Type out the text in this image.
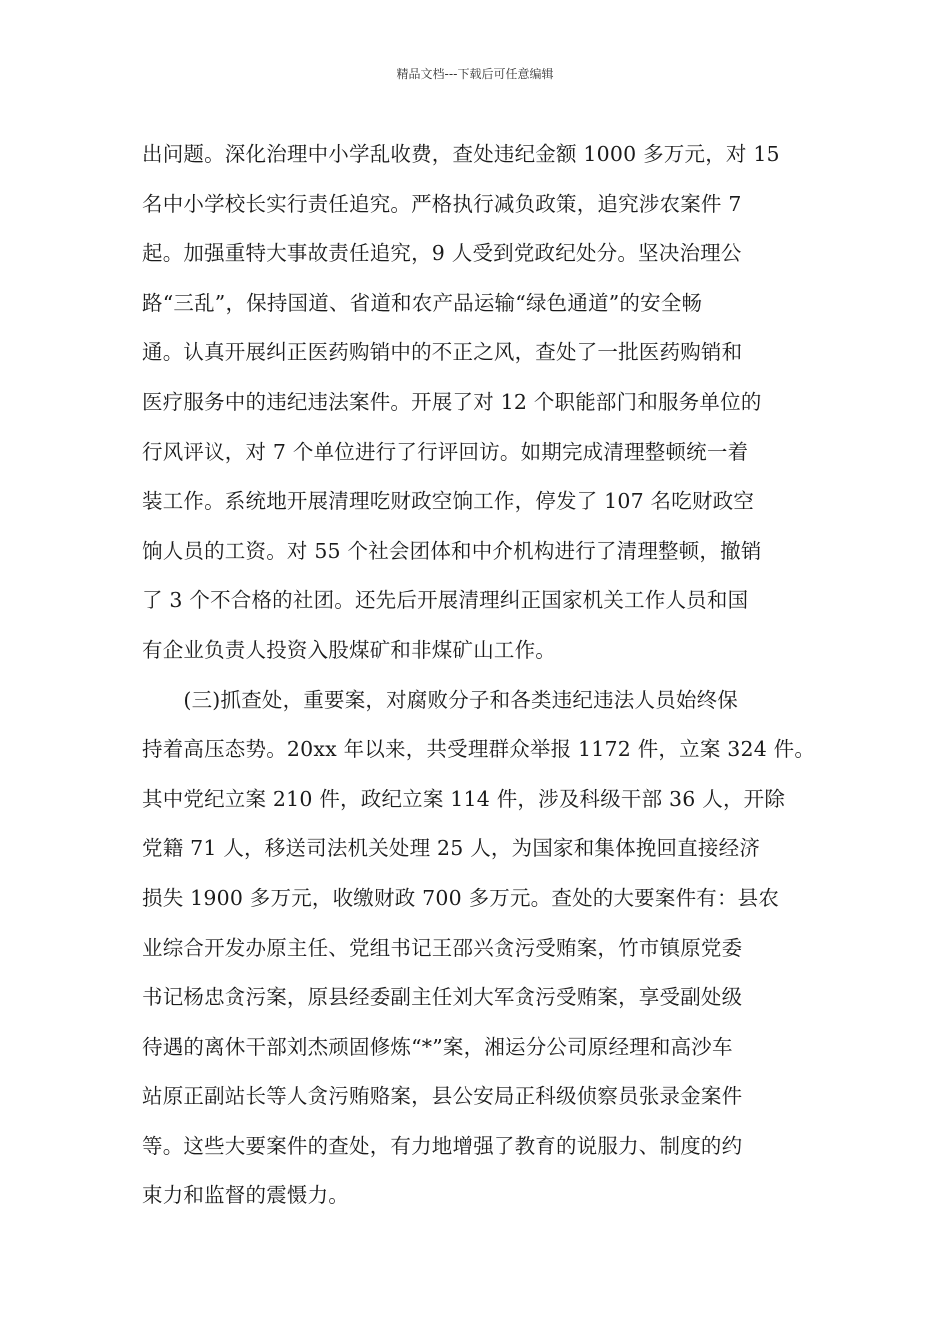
精品文档---下载后可任意编辑
出问题。深化治理中小学乱收费，查处违纪金额 1000 多万元，对 15
名中小学校长实行责任追究。严格执行减负政策，追究涉农案件 7
起。加强重特大事故责任追究，9 人受到党政纪处分。坚决治理公
路“三乱”，保持国道、省道和农产品运输“绿色通道”的安全畅
通。认真开展纠正医药购销中的不正之风，查处了一批医药购销和
医疗服务中的违纪违法案件。开展了对 12 个职能部门和服务单位的
行风评议，对 7 个单位进行了行评回访。如期完成清理整顿统一着
装工作。系统地开展清理吃财政空饷工作，停发了 107 名吃财政空
饷人员的工资。对 55 个社会团体和中介机构进行了清理整顿，撤销
了 3 个不合格的社团。还先后开展清理纠正国家机关工作人员和国
有企业负责人投资入股煤矿和非煤矿山工作。
　　(三)抓查处，重要案，对腐败分子和各类违纪违法人员始终保
持着高压态势。20xx 年以来，共受理群众举报 1172 件，立案 324 件。
其中党纪立案 210 件，政纪立案 114 件，涉及科级干部 36 人，开除
党籍 71 人，移送司法机关处理 25 人，为国家和集体挽回直接经济
损失 1900 多万元，收缴财政 700 多万元。查处的大要案件有：县农
业综合开发办原主任、党组书记王邵兴贪污受贿案，竹市镇原党委
书记杨忠贪污案，原县经委副主任刘大军贪污受贿案，享受副处级
待遇的离休干部刘杰顽固修炼“*”案，湘运分公司原经理和高沙车
站原正副站长等人贪污贿赂案，县公安局正科级侦察员张录金案件
等。这些大要案件的查处，有力地增强了教育的说服力、制度的约
束力和监督的震慑力。
